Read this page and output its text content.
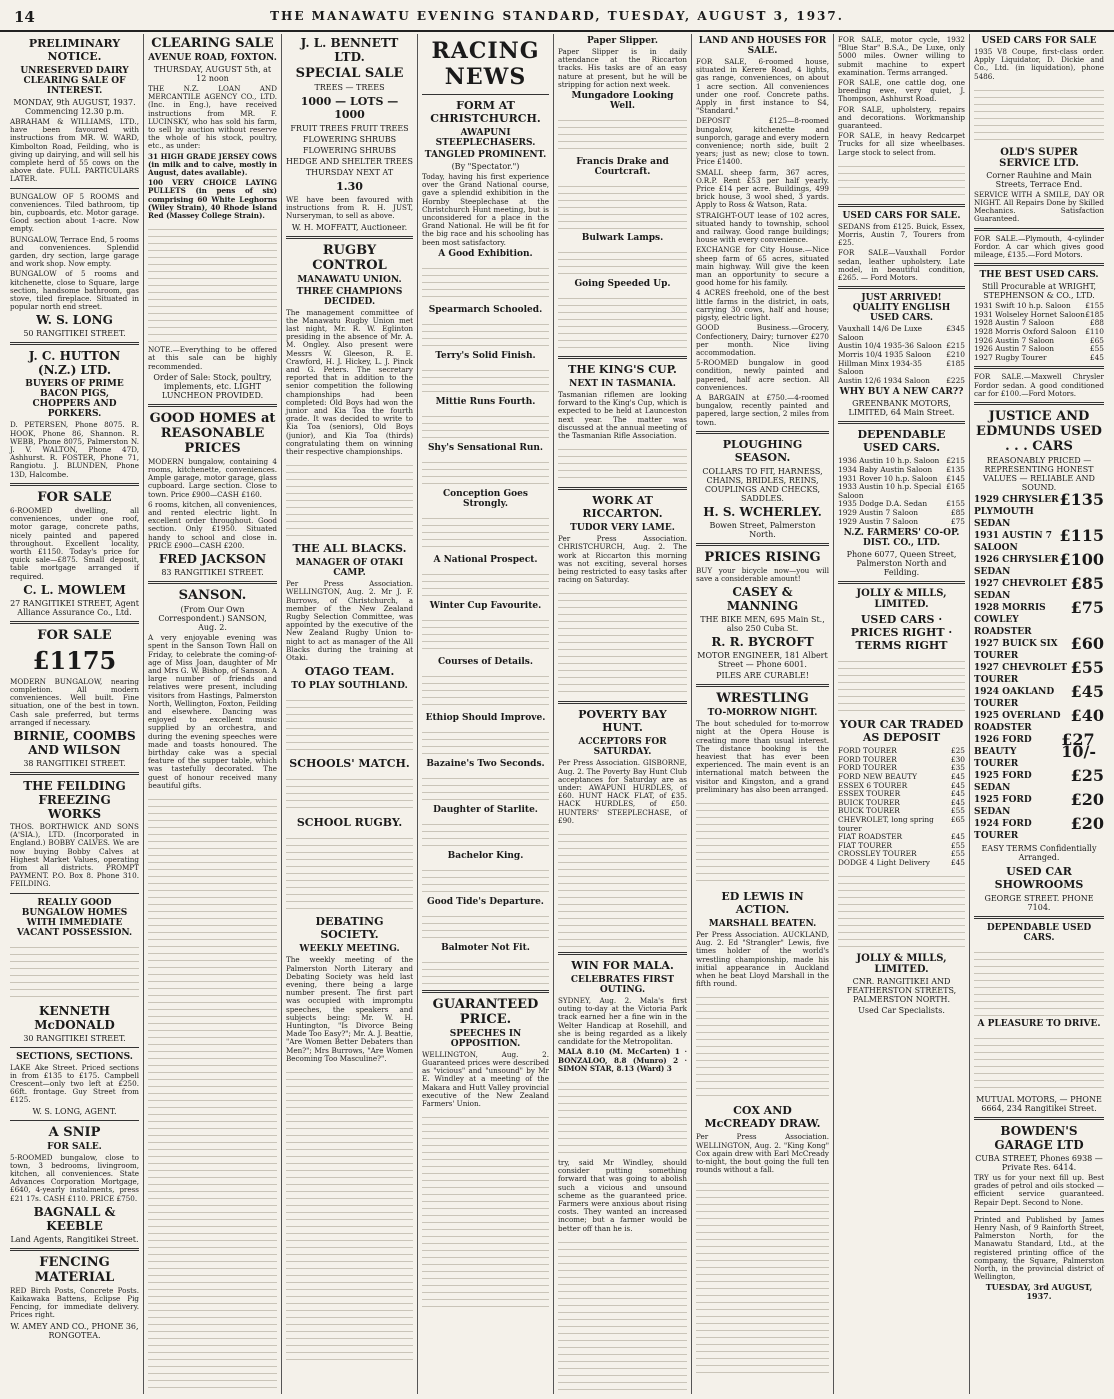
14	THE MANAWATU EVENING STANDARD, TUESDAY, AUGUST 3, 1937.
PRELIMINARY NOTICE.
UNRESERVED DAIRY CLEARING SALE OF INTEREST.
MONDAY, 9th AUGUST, 1937. Commencing 12.30 p.m.
ABRAHAM & WILLIAMS, LTD., have been favoured with instructions from MR. W. WARD, Kimbolton Road, Feilding, who is giving up dairying, and will sell his complete herd of 55 cows on the above date. FULL PARTICULARS LATER.
BUNGALOW OF 5 ROOMS and conveniences. Tiled bathroom, tip bin, cupboards, etc. Motor garage. Good section about 1-acre. Now empty.
BUNGALOW, Terrace End, 5 rooms and conveniences. Splendid garden, dry section, large garage and work shop. Now empty.
BUNGALOW of 5 rooms and kitchenette, close to Square, large section, handsome bathroom, gas stove, tiled fireplace. Situated in popular north end street.
W. S. LONG
50 RANGITIKEI STREET.
J. C. HUTTON (N.Z.) LTD.
BUYERS OF PRIME BACON PIGS, CHOPPERS AND PORKERS.
D. PETERSEN, Phone 8075. R. HOOK, Phone 86, Shannon. R. WEBB, Phone 8075, Palmerston N. J. V. WALTON, Phone 47D, Ashhurst. R. FOSTER, Phone 71, Rangiotu. J. BLUNDEN, Phone 13D, Halcombe.
FOR SALE
6-ROOMED dwelling, all conveniences, under one roof, motor garage, concrete paths, nicely painted and papered throughout. Excellent locality, worth £1150. Today's price for quick sale—£875. Small deposit, table mortgage arranged if required.
C. L. MOWLEM
27 RANGITIKEI STREET, Agent Alliance Assurance Co., Ltd.
FOR SALE
£1175
MODERN BUNGALOW, nearing completion. All modern conveniences. Well built. Fine situation, one of the best in town. Cash sale preferred, but terms arranged if necessary.
BIRNIE, COOMBS AND WILSON
38 RANGITIKEI STREET.
THE FEILDING FREEZING WORKS
THOS. BORTHWICK AND SONS (A'SIA.), LTD. (Incorporated in England.) BOBBY CALVES. We are now buying Bobby Calves at Highest Market Values, operating from all districts. PROMPT PAYMENT. P.O. Box 8. Phone 310. FEILDING.
REALLY GOOD BUNGALOW HOMES WITH IMMEDIATE VACANT POSSESSION.
KENNETH McDONALD
30 RANGITIKEI STREET.
SECTIONS, SECTIONS.
LAKE Ake Street. Priced sections in from £135 to £175. Campbell Crescent—only two left at £250. 66ft. frontage. Guy Street from £125.
W. S. LONG, AGENT.
A SNIP
FOR SALE.
5-ROOMED bungalow, close to town, 3 bedrooms, livingroom, kitchen, all conveniences. State Advances Corporation Mortgage, £640, 4-yearly instalments, press £21 17s. CASH £110. PRICE £750.
BAGNALL & KEEBLE
Land Agents, Rangitikei Street.
FENCING MATERIAL
RED Birch Posts, Concrete Posts. Kaikawaka Battens, Eclipse Pig Fencing, for immediate delivery. Prices right.
W. AMEY AND CO., PHONE 36, RONGOTEA.
CLEARING SALE
AVENUE ROAD, FOXTON.
THURSDAY, AUGUST 5th, at 12 noon
THE N.Z. LOAN AND MERCANTILE AGENCY CO., LTD. (Inc. in Eng.), have received instructions from MR. F. LUCINSKY, who has sold his farm, to sell by auction without reserve the whole of his stock, poultry, etc., as under:
31 HIGH GRADE JERSEY COWS (in milk and to calve, mostly in August, dates available).
100 VERY CHOICE LAYING PULLETS (in pens of six) comprising 60 White Leghorns (Wiley Strain), 40 Rhode Island Red (Massey College Strain).
NOTE.—Everything to be offered at this sale can be highly recommended.
Order of Sale: Stock, poultry, implements, etc. LIGHT LUNCHEON PROVIDED.
GOOD HOMES at REASONABLE PRICES
MODERN bungalow, containing 4 rooms, kitchenette, conveniences. Ample garage, motor garage, glass cupboard. Large section. Close to town. Price £900—CASH £160.
6 rooms, kitchen, all conveniences, and rented electric light. In excellent order throughout. Good section. Only £1950. Situated handy to school and close in. PRICE £900—CASH £200.
FRED JACKSON
83 RANGITIKEI STREET.
SANSON.
(From Our Own Correspondent.) SANSON, Aug. 2.
A very enjoyable evening was spent in the Sanson Town Hall on Friday, to celebrate the coming-of-age of Miss Joan, daughter of Mr and Mrs G. W. Bishop, of Sanson. A large number of friends and relatives were present, including visitors from Hastings, Palmerston North, Wellington, Foxton, Feilding and elsewhere. Dancing was enjoyed to excellent music supplied by an orchestra, and during the evening speeches were made and toasts honoured. The birthday cake was a special feature of the supper table, which was tastefully decorated. The guest of honour received many beautiful gifts.
J. L. BENNETT LTD.
SPECIAL SALE
TREES — TREES
1000 — LOTS — 1000
FRUIT TREES FRUIT TREES
FLOWERING SHRUBS
FLOWERING SHRUBS
HEDGE AND SHELTER TREES
THURSDAY NEXT AT
1.30
WE have been favoured with instructions from R. H. JUST, Nurseryman, to sell as above.
W. H. MOFFATT, Auctioneer.
RUGBY CONTROL
MANAWATU UNION.
THREE CHAMPIONS DECIDED.
The management committee of the Manawatu Rugby Union met last night, Mr. R. W. Eglinton presiding in the absence of Mr. A. M. Ongley. Also present were Messrs W. Gleeson, R. E. Crawford, H. J. Hickey, L. J. Pinck and G. Peters. The secretary reported that in addition to the senior competition the following championships had been completed: Old Boys had won the junior and Kia Toa the fourth grade. It was decided to write to Kia Toa (seniors), Old Boys (junior), and Kia Toa (thirds) congratulating them on winning their respective championships.
THE ALL BLACKS.
MANAGER OF OTAKI CAMP.
Per Press Association. WELLINGTON, Aug. 2. Mr J. F. Burrows, of Christchurch, a member of the New Zealand Rugby Selection Committee, was appointed by the executive of the New Zealand Rugby Union to-night to act as manager of the All Blacks during the training at Otaki.
OTAGO TEAM.
TO PLAY SOUTHLAND.
SCHOOLS' MATCH.
SCHOOL RUGBY.
DEBATING SOCIETY.
WEEKLY MEETING.
The weekly meeting of the Palmerston North Literary and Debating Society was held last evening, there being a large number present. The first part was occupied with impromptu speeches, the speakers and subjects being: Mr. W. H. Huntington, "Is Divorce Being Made Too Easy?"; Mr. A. J. Beattie, "Are Women Better Debaters than Men?"; Mrs Burrows, "Are Women Becoming Too Masculine?".
RACING NEWS
FORM AT CHRISTCHURCH.
AWAPUNI STEEPLECHASERS.
TANGLED PROMINENT.
(By "Spectator.")
Today, having his first experience over the Grand National course, gave a splendid exhibition in the Hornby Steeplechase at the Christchurch Hunt meeting, but is unconsidered for a place in the Grand National. He will be fit for the big race and his schooling has been most satisfactory.
A Good Exhibition.
Spearmarch Schooled.
Terry's Solid Finish.
Mittie Runs Fourth.
Shy's Sensational Run.
Conception Goes Strongly.
A National Prospect.
Winter Cup Favourite.
Courses of Details.
Ethiop Should Improve.
Bazaine's Two Seconds.
Daughter of Starlite.
Bachelor King.
Good Tide's Departure.
Balmoter Not Fit.
GUARANTEED PRICE.
SPEECHES IN OPPOSITION.
WELLINGTON, Aug. 2. Guaranteed prices were described as "vicious" and "unsound" by Mr E. Windley at a meeting of the Makara and Hutt Valley provincial executive of the New Zealand Farmers' Union.
Paper Slipper.
Paper Slipper is in daily attendance at the Riccarton tracks. His tasks are of an easy nature at present, but he will be stripping for action next week.
Mungadore Looking Well.
Francis Drake and Courtcraft.
Bulwark Lamps.
Going Speeded Up.
THE KING'S CUP.
NEXT IN TASMANIA.
Tasmanian riflemen are looking forward to the King's Cup, which is expected to be held at Launceston next year. The matter was discussed at the annual meeting of the Tasmanian Rifle Association.
WORK AT RICCARTON.
TUDOR VERY LAME.
Per Press Association. CHRISTCHURCH, Aug. 2. The work at Riccarton this morning was not exciting, several horses being restricted to easy tasks after racing on Saturday.
POVERTY BAY HUNT.
ACCEPTORS FOR SATURDAY.
Per Press Association. GISBORNE, Aug. 2. The Poverty Bay Hunt Club acceptances for Saturday are as under: AWAPUNI HURDLES, of £60. HUNT HACK FLAT, of £35. HACK HURDLES, of £50. HUNTERS' STEEPLECHASE, of £90.
WIN FOR MALA.
CELEBRATES FIRST OUTING.
SYDNEY, Aug. 2. Mala's first outing to-day at the Victoria Park track earned her a fine win in the Welter Handicap at Rosehill, and she is being regarded as a likely candidate for the Metropolitan.
MALA 8.10 (M. McCarten) 1 · BONZALOO, 8.8 (Munro) 2 · SIMON STAR, 8.13 (Ward) 3
try, said Mr Windley, should consider putting something forward that was going to abolish such a vicious and unsound scheme as the guaranteed price. Farmers were anxious about rising costs. They wanted an increased income; but a farmer would be better off than he is.
LAND AND HOUSES FOR SALE.
FOR SALE, 6-roomed house, situated in Kerere Road, 4 lights, gas range, conveniences, on about 1 acre section. All conveniences under one roof. Concrete paths. Apply in first instance to S4, "Standard."
DEPOSIT £125—8-roomed bungalow, kitchenette and sunporch, garage and every modern convenience; north side, built 2 years; just as new; close to town. Price £1400.
SMALL sheep farm, 367 acres, O.R.P. Rent £53 per half yearly. Price £14 per acre. Buildings, 499 brick house, 3 wool shed, 3 yards. Apply to Ross & Watson, Rata.
STRAIGHT-OUT lease of 102 acres, situated handy to township, school and railway. Good range buildings; house with every convenience.
EXCHANGE for City House.—Nice sheep farm of 65 acres, situated main highway. Will give the keen man an opportunity to secure a good home for his family.
4 ACRES freehold, one of the best little farms in the district, in oats, carrying 30 cows, half and house; pigsty, electric light.
GOOD Business.—Grocery, Confectionery, Dairy; turnover £270 per month. Nice living accommodation.
5-ROOMED bungalow in good condition, newly painted and papered, half acre section. All conveniences.
A BARGAIN at £750.—4-roomed bungalow, recently painted and papered, large section, 2 miles from town.
PLOUGHING SEASON.
COLLARS TO FIT, HARNESS, CHAINS, BRIDLES, REINS, COUPLINGS AND CHECKS, SADDLES.
H. S. WCHERLEY.
Bowen Street, Palmerston North.
PRICES RISING
BUY your bicycle now—you will save a considerable amount!
CASEY & MANNING
THE BIKE MEN, 695 Main St., also 250 Cuba St.
R. R. BYCROFT
MOTOR ENGINEER, 181 Albert Street — Phone 6001.
PILES ARE CURABLE!
WRESTLING
TO-MORROW NIGHT.
The bout scheduled for to-morrow night at the Opera House is creating more than usual interest. The distance booking is the heaviest that has ever been experienced. The main event is an international match between the visitor and Kingston, and a grand preliminary has also been arranged.
ED LEWIS IN ACTION.
MARSHALL BEATEN.
Per Press Association. AUCKLAND, Aug. 2. Ed "Strangler" Lewis, five times holder of the world's wrestling championship, made his initial appearance in Auckland when he beat Lloyd Marshall in the fifth round.
COX AND McCREADY DRAW.
Per Press Association. WELLINGTON, Aug. 2. "King Kong" Cox again drew with Earl McCready to-night, the bout going the full ten rounds without a fall.
FOR SALE, motor cycle, 1932 "Blue Star" B.S.A., De Luxe, only 5000 miles. Owner willing to submit machine to expert examination. Terms arranged.
FOR SALE, one cattle dog, one breeding ewe, very quiet, J. Thompson, Ashhurst Road.
FOR SALE, upholstery, repairs and decorations. Workmanship guaranteed.
FOR SALE, in heavy Redcarpet Trucks for all size wheelbases. Large stock to select from.
USED CARS FOR SALE.
SEDANS from £125. Buick, Essex, Morris, Austin 7, Tourers from £25.
FOR SALE—Vauxhall Fordor sedan, leather upholstery. Late model, in beautiful condition, £265. — Ford Motors.
JUST ARRIVED! QUALITY ENGLISH USED CARS.
Vauxhall 14/6 De Luxe Saloon
£345
Austin 10/4 1935-36 Saloon £215
Morris 10/4 1935 Saloon £210
Hillman Minx 1934-35 Saloon
£185
Austin 12/6 1934 Saloon £225
WHY BUY A NEW CAR??
GREENBANK MOTORS, LIMITED, 64 Main Street.
DEPENDABLE USED CARS.
1936 Austin 10 h.p. Saloon £215
1934 Baby Austin Saloon £135
1931 Rover 10 h.p. Saloon £145
1933 Austin 10 h.p. Special Saloon
£165
1935 Dodge D.A. Sedan	£155
1929 Austin 7 Saloon	£85
1929 Austin 7 Saloon	£75
N.Z. FARMERS' CO-OP. DIST. CO., LTD.
Phone 6077, Queen Street, Palmerston North and Feilding.
JOLLY & MILLS, LIMITED.
USED CARS · PRICES RIGHT · TERMS RIGHT
YOUR CAR TRADED AS DEPOSIT
FORD TOURER	£25
FORD TOURER	£30
FORD TOURER	£35
FORD NEW BEAUTY	£45
ESSEX 6 TOURER	£45
ESSEX TOURER	£45
BUICK TOURER	£45
BUICK TOURER	£55
CHEVROLET, long spring tourer
£65
FIAT ROADSTER	£45
FIAT TOURER	£55
CROSSLEY TOURER	£55
DODGE 4 Light Delivery	£45
JOLLY & MILLS, LIMITED.
CNR. RANGITIKEI AND FEATHERSTON STREETS, PALMERSTON NORTH.
Used Car Specialists.
USED CARS FOR SALE
1935 V8 Coupe, first-class order. Apply Liquidator, D. Dickie and Co., Ltd. (in liquidation), phone 5486.
OLD'S SUPER SERVICE LTD.
Corner Rauhine and Main Streets, Terrace End.
SERVICE WITH A SMILE, DAY OR NIGHT. All Repairs Done by Skilled Mechanics. Satisfaction Guaranteed.
FOR SALE.—Plymouth, 4-cylinder Fordor. A car which gives good mileage, £135.—Ford Motors.
THE BEST USED CARS.
Still Procurable at WRIGHT, STEPHENSON & CO., LTD.
1931 Swift 10 h.p. Saloon £155
1931 Wolseley Hornet Saloon £185
1928 Austin 7 Saloon	£88
1928 Morris Oxford Saloon £110
1926 Austin 7 Saloon	£65
1926 Austin 7 Saloon	£55
1927 Rugby Tourer	£45
FOR SALE.—Maxwell Chrysler Fordor sedan. A good conditioned car for £100.—Ford Motors.
JUSTICE AND EDMUNDS USED . . . CARS
REASONABLY PRICED — REPRESENTING HONEST VALUES — RELIABLE AND SOUND.
1929 CHRYSLER PLYMOUTH SEDAN
£135
1931 AUSTIN 7 SALOON
£115
1926 CHRYSLER SEDAN
£100
1927 CHEVROLET SEDAN
£85
1928 MORRIS COWLEY ROADSTER
£75
1927 BUICK SIX TOURER
£60
1927 CHEVROLET TOURER
£55
1924 OAKLAND TOURER
£45
1925 OVERLAND ROADSTER
£40
1926 FORD BEAUTY TOURER
£27 10/-
1925 FORD SEDAN
£25
1925 FORD SEDAN
£20
1924 FORD TOURER
£20
EASY TERMS Confidentially Arranged.
USED CAR SHOWROOMS
GEORGE STREET. PHONE 7104.
DEPENDABLE USED CARS.
A PLEASURE TO DRIVE.
MUTUAL MOTORS, — PHONE 6664, 234 Rangitikei Street.
BOWDEN'S GARAGE LTD
CUBA STREET, Phones 6938 — Private Res. 6414.
TRY us for your next fill up. Best grades of petrol and oils stocked — efficient service guaranteed. Repair Dept. Second to None.
Printed and Published by James Henry Nash, of 9 Rainforth Street, Palmerston North, for the Manawatu Standard, Ltd., at the registered printing office of the company, the Square, Palmerston North, in the provincial district of Wellington,
TUESDAY, 3rd AUGUST, 1937.
